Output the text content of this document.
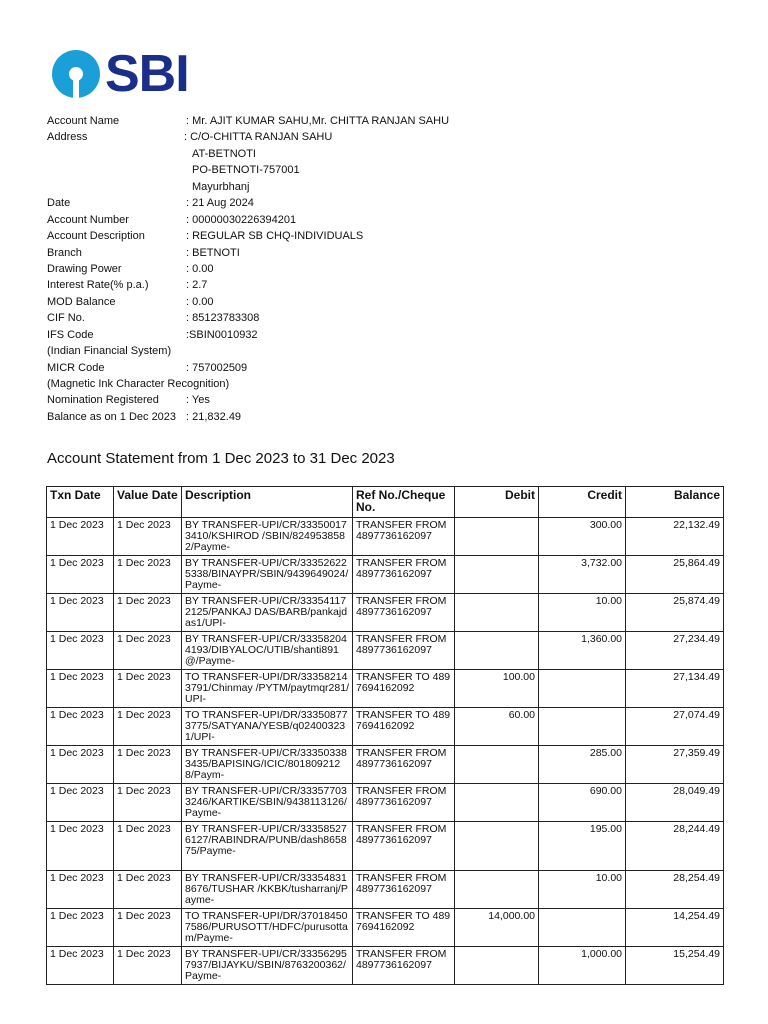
SBI
Account Name	: Mr. AJIT KUMAR SAHU,Mr. CHITTA RANJAN SAHU
Address	: C/O-CHITTA RANJAN SAHU
AT-BETNOTI
PO-BETNOTI-757001
Mayurbhanj
Date	: 21 Aug 2024
Account Number	: 00000030226394201
Account Description	: REGULAR SB CHQ-INDIVIDUALS
Branch	: BETNOTI
Drawing Power	: 0.00
Interest Rate(% p.a.)	: 2.7
MOD Balance	: 0.00
CIF No.	: 85123783308
IFS Code	:SBIN0010932
(Indian Financial System)
MICR Code	: 757002509
(Magnetic Ink Character Recognition)
Nomination Registered : Yes
Balance as on 1 Dec 2023 : 21,832.49
Account Statement from 1 Dec 2023 to 31 Dec 2023
Txn Date	Value Date	Description	Ref No./Cheque No.	Debit	Credit	Balance
1 Dec 2023	1 Dec 2023	BY TRANSFER-UPI/CR/333500173410/KSHIROD /SBIN/8249538582/Payme-	TRANSFER FROM 4897736162097		300.00	22,132.49
1 Dec 2023	1 Dec 2023	BY TRANSFER-UPI/CR/333526225338/BINAYPR/SBIN/9439649024/Payme-	TRANSFER FROM 4897736162097		3,732.00	25,864.49
1 Dec 2023	1 Dec 2023	BY TRANSFER-UPI/CR/333541172125/PANKAJ DAS/BARB/pankajdas1/UPI-	TRANSFER FROM 4897736162097		10.00	25,874.49
1 Dec 2023	1 Dec 2023	BY TRANSFER-UPI/CR/333582044193/DIBYALOC/UTIB/shanti891@/Payme-	TRANSFER FROM 4897736162097		1,360.00	27,234.49
1 Dec 2023	1 Dec 2023	TO TRANSFER-UPI/DR/333582143791/Chinmay /PYTM/paytmqr281/UPI-	TRANSFER TO 4897694162092	100.00		27,134.49
1 Dec 2023	1 Dec 2023	TO TRANSFER-UPI/DR/333508773775/SATYANA/YESB/q024003231/UPI-	TRANSFER TO 4897694162092	60.00		27,074.49
1 Dec 2023	1 Dec 2023	BY TRANSFER-UPI/CR/333503383435/BAPISING/ICIC/8018092128/Paym-	TRANSFER FROM 4897736162097		285.00	27,359.49
1 Dec 2023	1 Dec 2023	BY TRANSFER-UPI/CR/333577033246/KARTIKE/SBIN/9438113126/Payme-	TRANSFER FROM 4897736162097		690.00	28,049.49
1 Dec 2023	1 Dec 2023	BY TRANSFER-UPI/CR/333585276127/RABINDRA/PUNB/dash865875/Payme-	TRANSFER FROM 4897736162097		195.00	28,244.49
1 Dec 2023	1 Dec 2023	BY TRANSFER-UPI/CR/333548318676/TUSHAR /KKBK/tusharranj/Payme-	TRANSFER FROM 4897736162097		10.00	28,254.49
1 Dec 2023	1 Dec 2023	TO TRANSFER-UPI/DR/370184507586/PURUSOTT/HDFC/purusottam/Payme-	TRANSFER TO 4897694162092	14,000.00		14,254.49
1 Dec 2023	1 Dec 2023	BY TRANSFER-UPI/CR/333562957937/BIJAYKU/SBIN/8763200362/Payme-	TRANSFER FROM 4897736162097		1,000.00	15,254.49
